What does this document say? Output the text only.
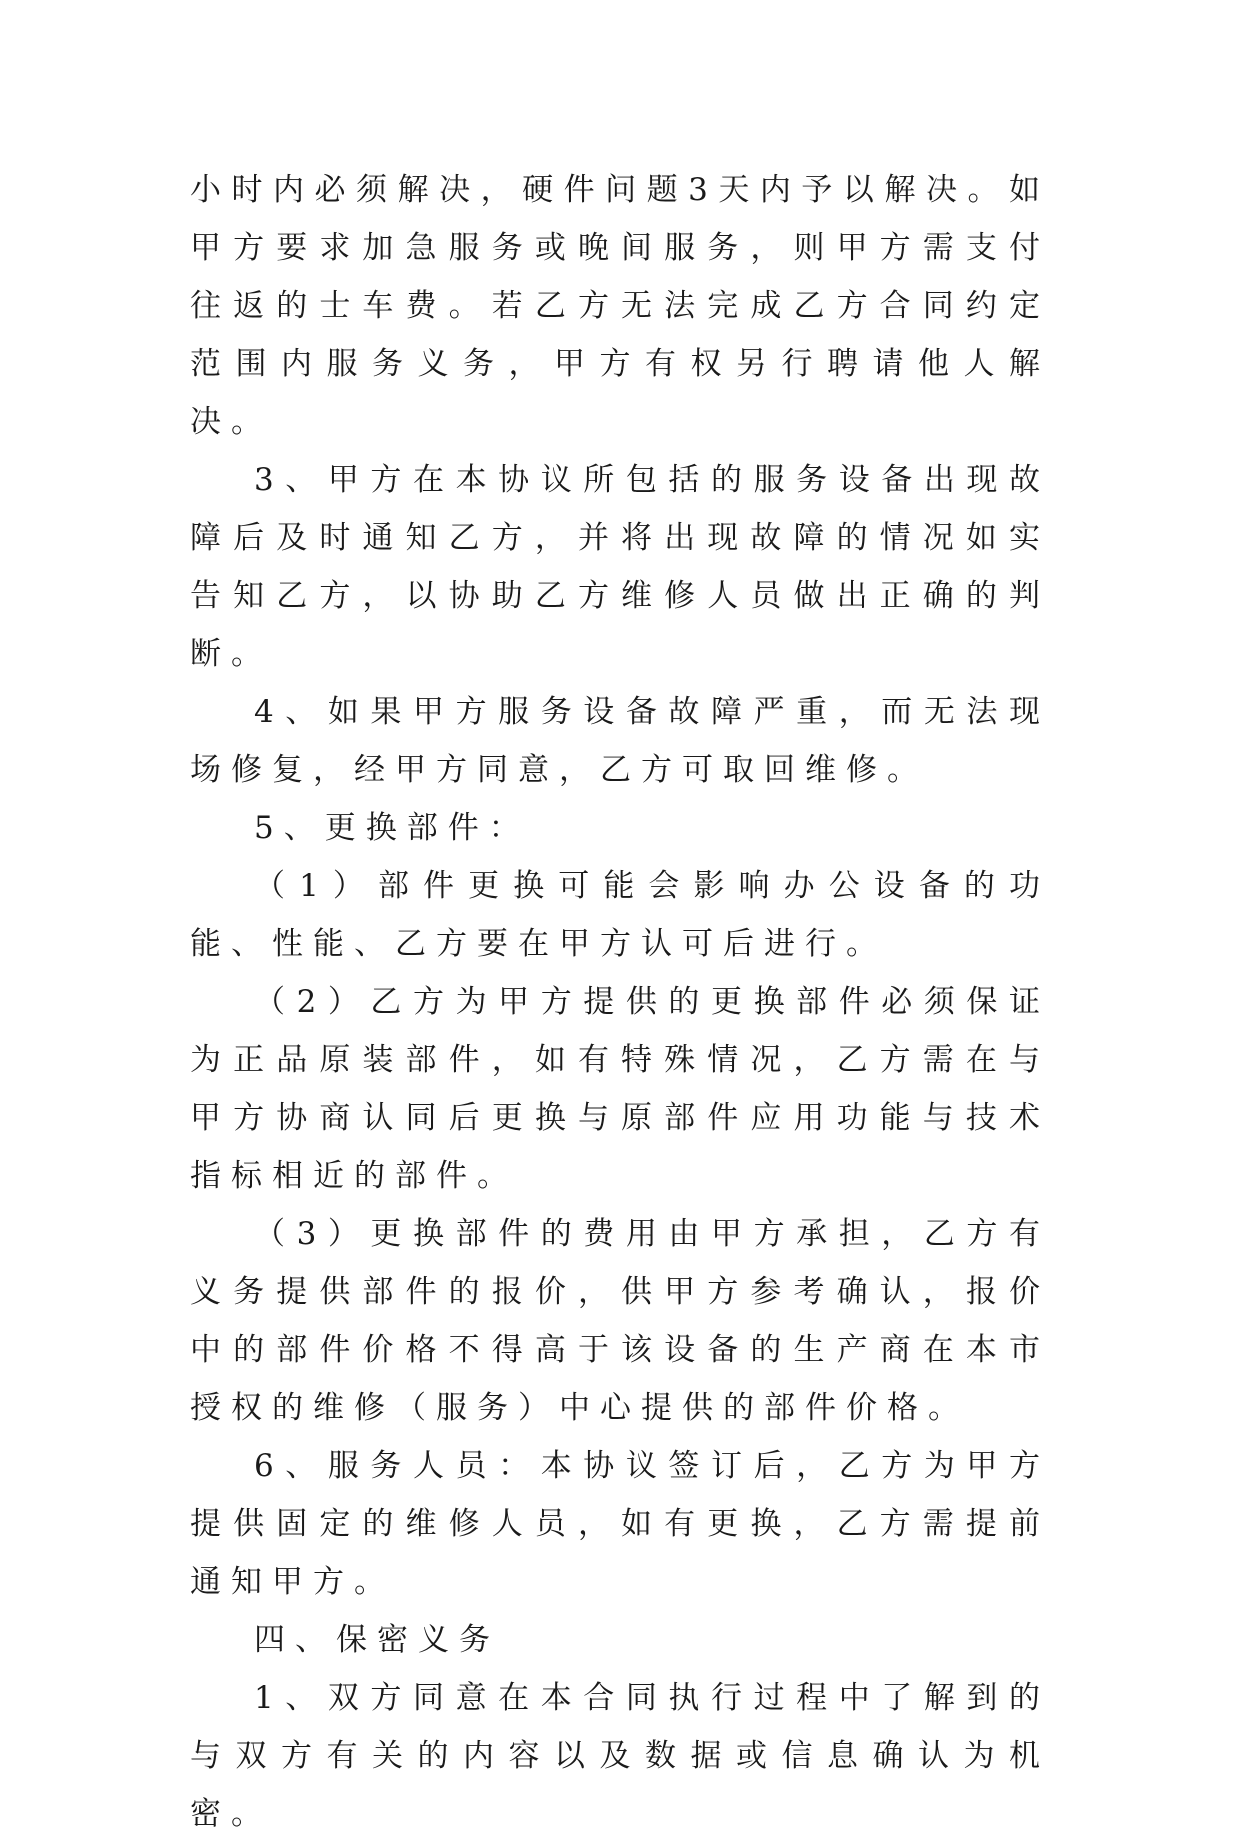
小时内必须解决，硬件问题3天内予以解决。如甲方要求加急服务或晚间服务，则甲方需支付往返的士车费。若乙方无法完成乙方合同约定范围内服务义务，甲方有权另行聘请他人解决。

3、甲方在本协议所包括的服务设备出现故障后及时通知乙方，并将出现故障的情况如实告知乙方，以协助乙方维修人员做出正确的判断。

4、如果甲方服务设备故障严重，而无法现场修复，经甲方同意，乙方可取回维修。

5、更换部件：

（1）部件更换可能会影响办公设备的功能、性能、乙方要在甲方认可后进行。

（2）乙方为甲方提供的更换部件必须保证为正品原装部件，如有特殊情况，乙方需在与甲方协商认同后更换与原部件应用功能与技术指标相近的部件。

（3）更换部件的费用由甲方承担，乙方有义务提供部件的报价，供甲方参考确认，报价中的部件价格不得高于该设备的生产商在本市授权的维修（服务）中心提供的部件价格。

6、服务人员：本协议签订后，乙方为甲方提供固定的维修人员，如有更换，乙方需提前通知甲方。

四、保密义务

1、双方同意在本合同执行过程中了解到的与双方有关的内容以及数据或信息确认为机密。
